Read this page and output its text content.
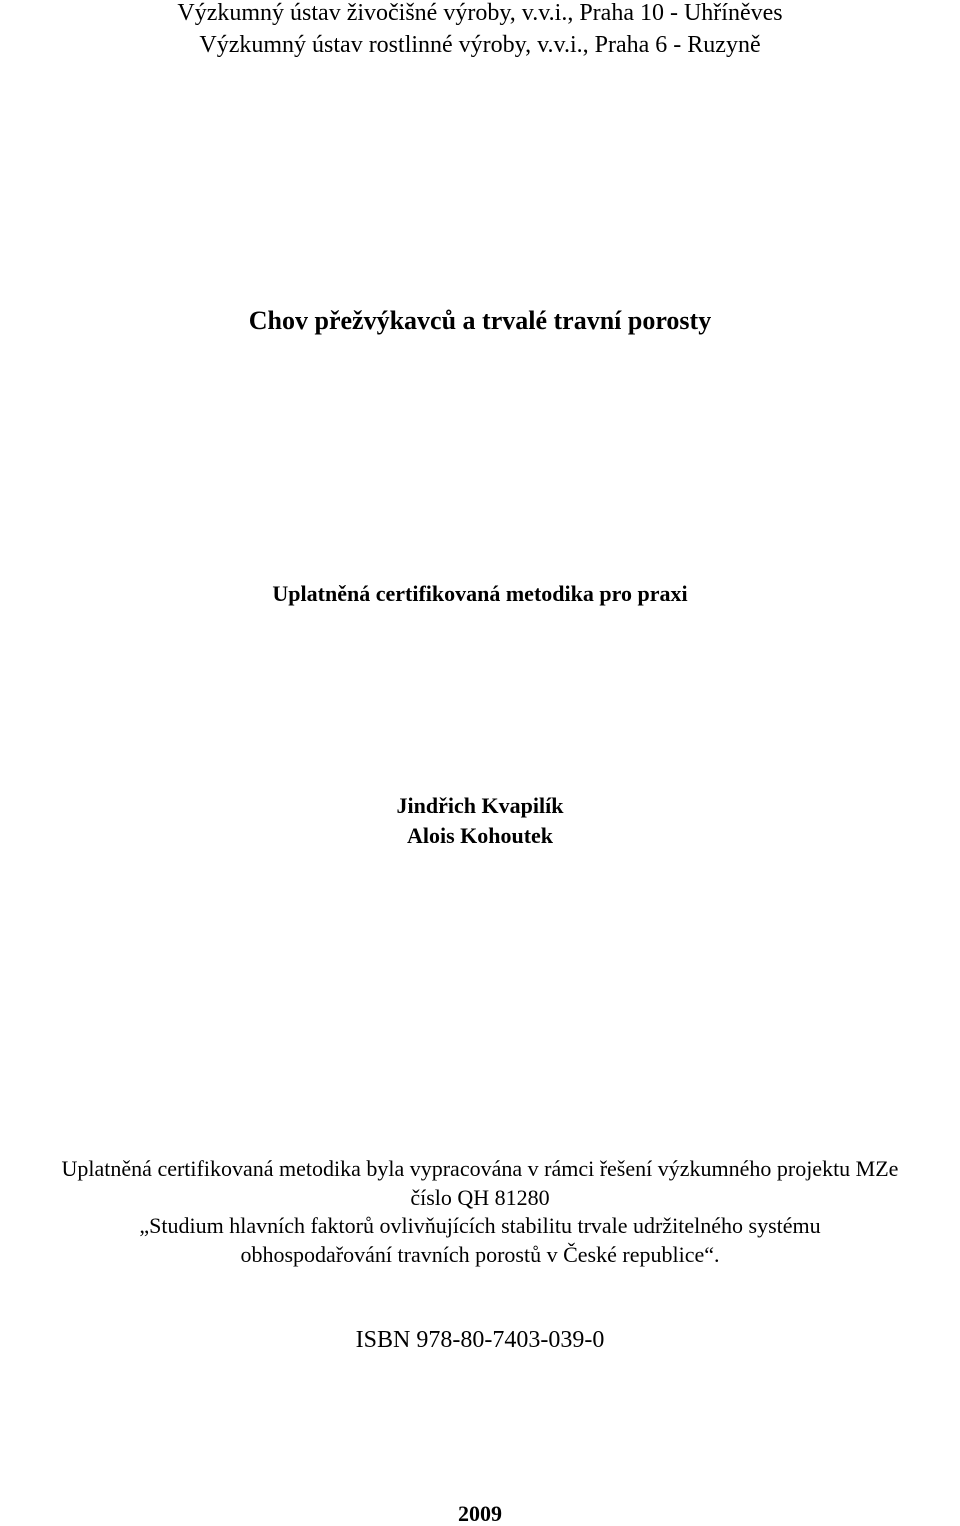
Výzkumný ústav živočišné výroby, v.v.i., Praha 10 - Uhříněves
Výzkumný ústav rostlinné výroby, v.v.i., Praha 6 - Ruzyně
Chov přežvýkavců a trvalé travní porosty
Uplatněná certifikovaná metodika pro praxi
Jindřich Kvapilík
Alois Kohoutek
Uplatněná certifikovaná metodika byla vypracována v rámci řešení výzkumného projektu MZe
číslo QH 81280
„Studium hlavních faktorů ovlivňujících stabilitu trvale udržitelného systému
obhospodařování travních porostů v České republice“.
ISBN 978-80-7403-039-0
2009
